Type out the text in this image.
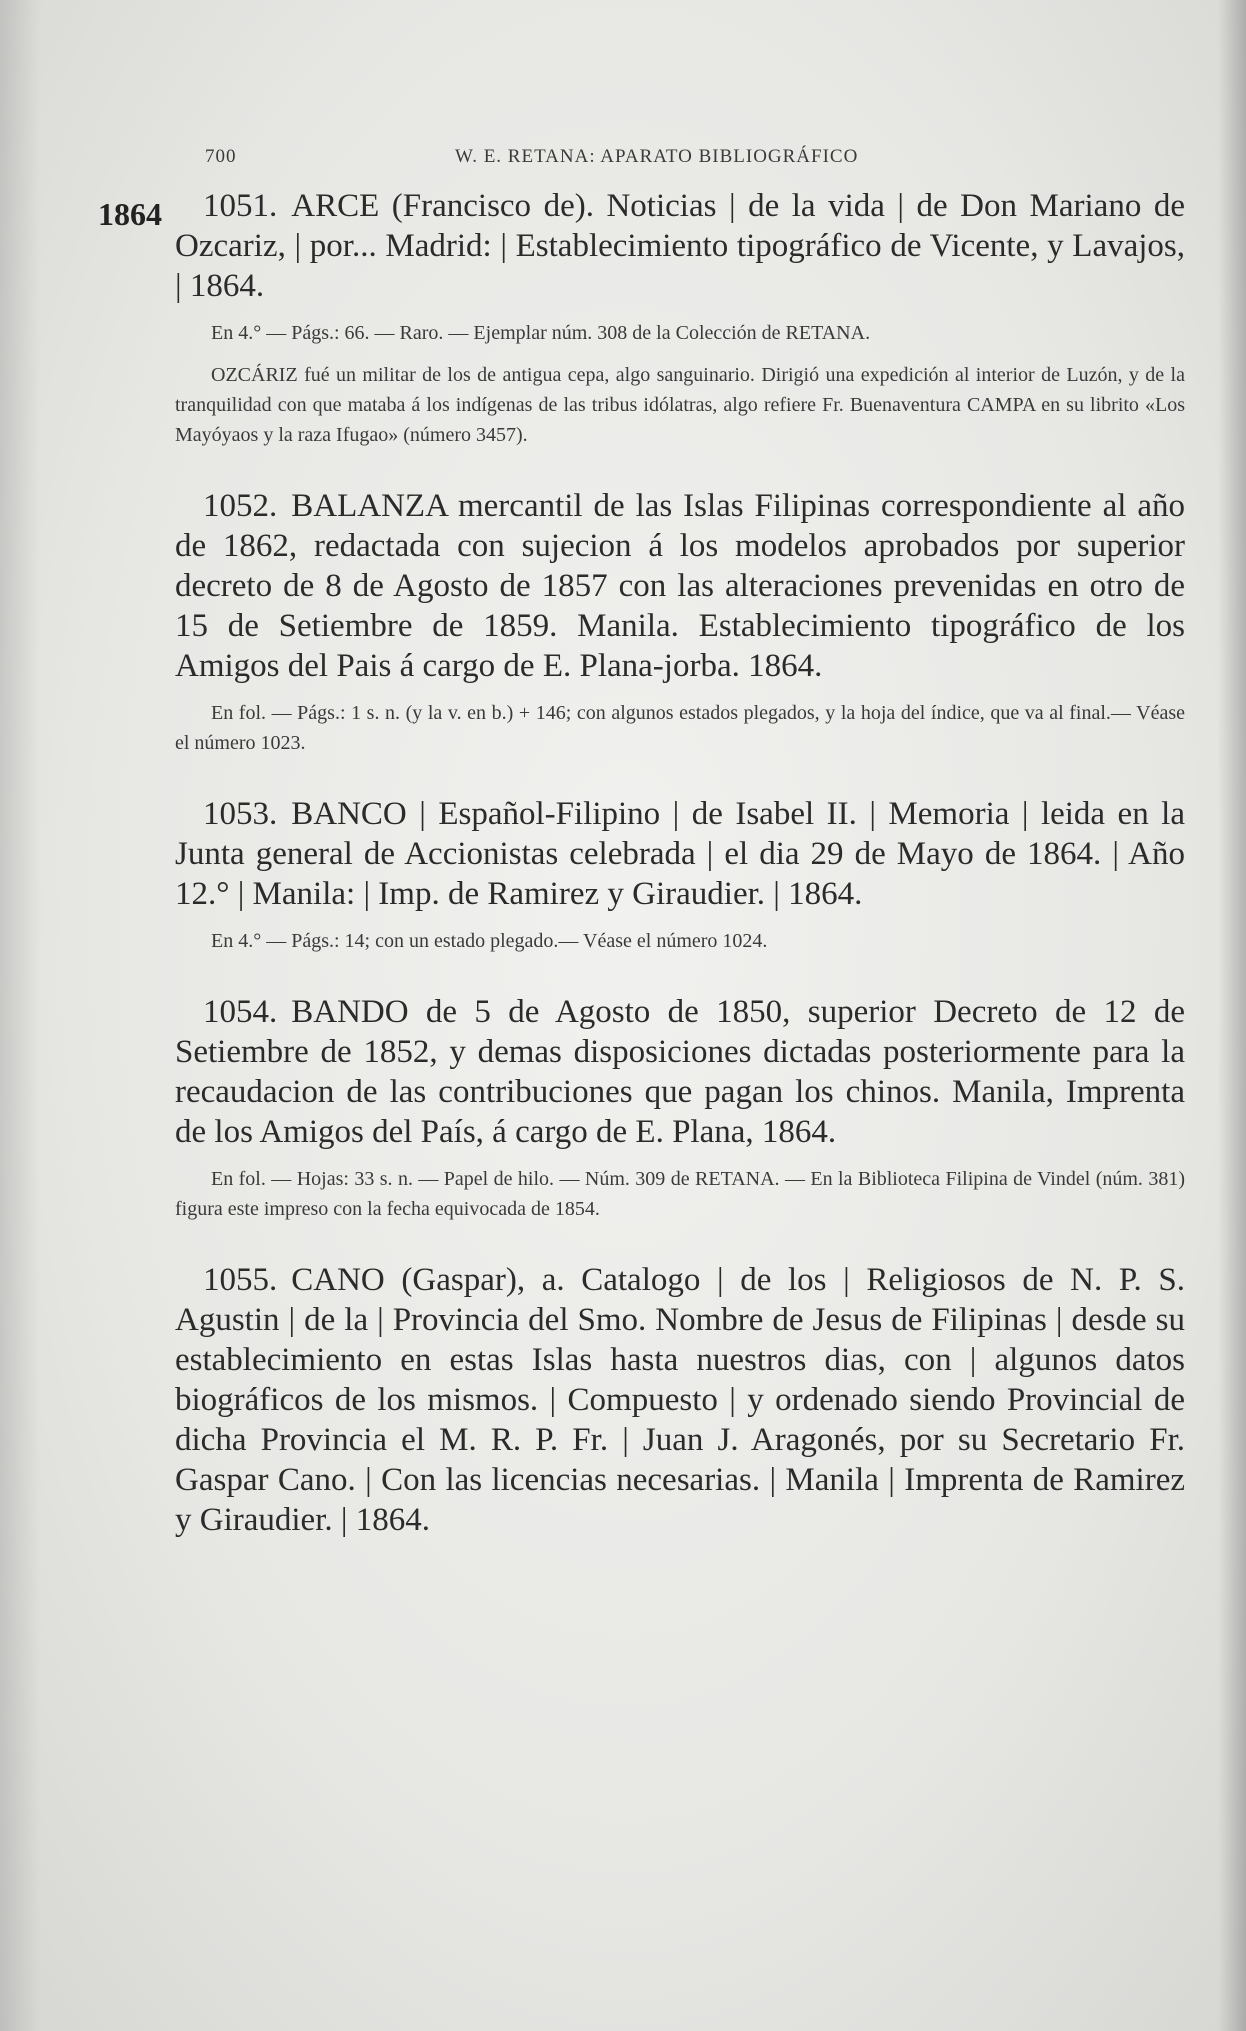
700	W. E. RETANA: APARATO BIBLIOGRÁFICO
1864	1051. ARCE (Francisco de). Noticias | de la vida | de Don Mariano de Ozcariz, | por... Madrid: | Establecimiento tipográfico de Vicente, y Lavajos, | 1864.

En 4.° — Págs.: 66. — Raro. — Ejemplar núm. 308 de la Colección de RETANA.

OZCÁRIZ fué un militar de los de antigua cepa, algo sanguinario. Dirigió una expedición al interior de Luzón, y de la tranquilidad con que mataba á los indígenas de las tribus idólatras, algo refiere Fr. Buenaventura CAMPA en su librito «Los Mayóyaos y la raza Ifugao» (número 3457).

1052. BALANZA mercantil de las Islas Filipinas correspondiente al año de 1862, redactada con sujecion á los modelos aprobados por superior decreto de 8 de Agosto de 1857 con las alteraciones prevenidas en otro de 15 de Setiembre de 1859. Manila. Establecimiento tipográfico de los Amigos del Pais á cargo de E. Plana-jorba. 1864.

En fol. — Págs.: 1 s. n. (y la v. en b.) + 146; con algunos estados plegados, y la hoja del índice, que va al final.— Véase el número 1023.

1053. BANCO | Español-Filipino | de Isabel II. | Memoria | leida en la Junta general de Accionistas celebrada | el dia 29 de Mayo de 1864. | Año 12.° | Manila: | Imp. de Ramirez y Giraudier. | 1864.

En 4.° — Págs.: 14; con un estado plegado.— Véase el número 1024.

1054. BANDO de 5 de Agosto de 1850, superior Decreto de 12 de Setiembre de 1852, y demas disposiciones dictadas posteriormente para la recaudacion de las contribuciones que pagan los chinos. Manila, Imprenta de los Amigos del País, á cargo de E. Plana, 1864.

En fol. — Hojas: 33 s. n. — Papel de hilo. — Núm. 309 de RETANA. — En la Biblioteca Filipina de Vindel (núm. 381) figura este impreso con la fecha equivocada de 1854.

1055. CANO (Gaspar), a. Catalogo | de los | Religiosos de N. P. S. Agustin | de la | Provincia del Smo. Nombre de Jesus de Filipinas | desde su establecimiento en estas Islas hasta nuestros dias, con | algunos datos biográficos de los mismos. | Compuesto | y ordenado siendo Provincial de dicha Provincia el M. R. P. Fr. | Juan J. Aragonés, por su Secretario Fr. Gaspar Cano. | Con las licencias necesarias. | Manila | Imprenta de Ramirez y Giraudier. | 1864.
